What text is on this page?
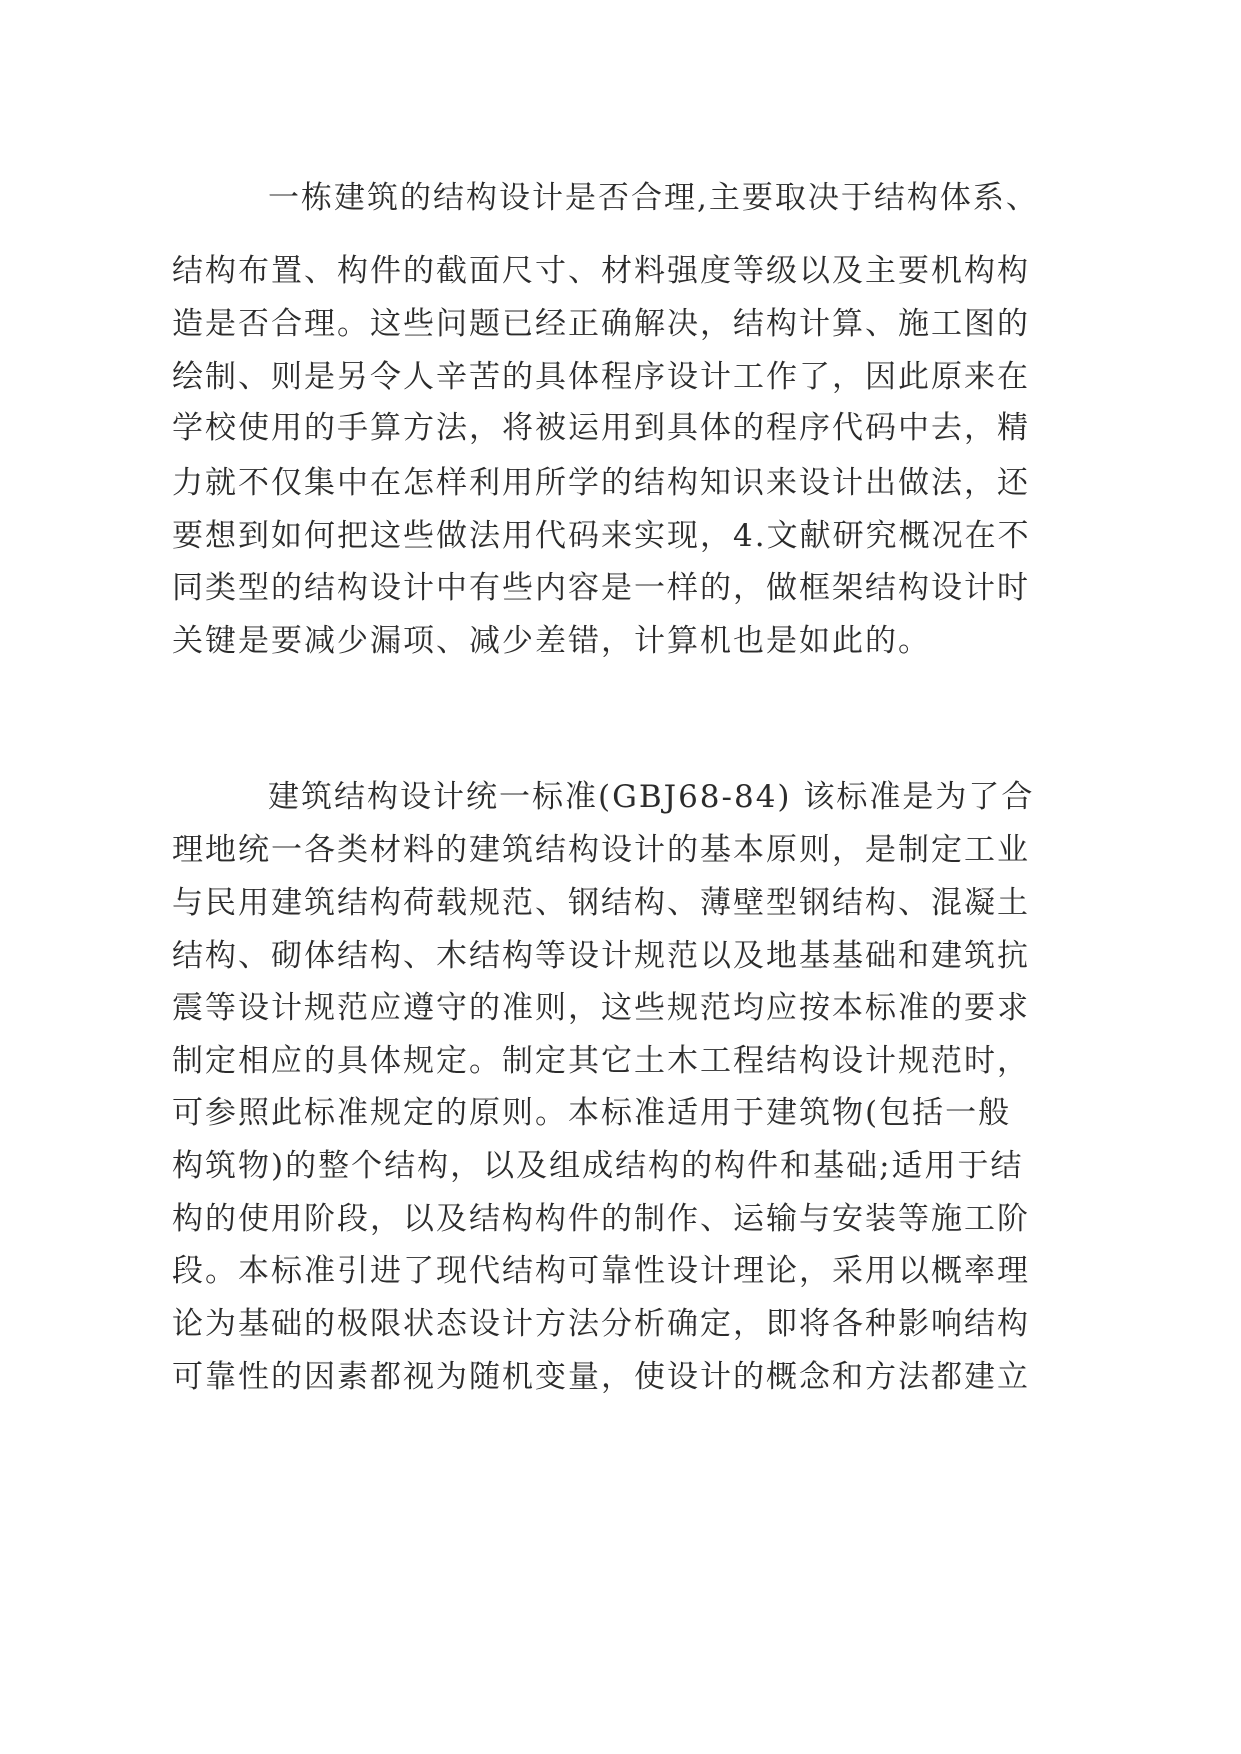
一栋建筑的结构设计是否合理,主要取决于结构体系、
结构布置、构件的截面尺寸、材料强度等级以及主要机构构
造是否合理。这些问题已经正确解决，结构计算、施工图的
绘制、则是另令人辛苦的具体程序设计工作了，因此原来在
学校使用的手算方法，将被运用到具体的程序代码中去，精
力就不仅集中在怎样利用所学的结构知识来设计出做法，还
要想到如何把这些做法用代码来实现，4.文献研究概况在不
同类型的结构设计中有些内容是一样的，做框架结构设计时
关键是要减少漏项、减少差错，计算机也是如此的。
建筑结构设计统一标准(GBJ68-84) 该标准是为了合
理地统一各类材料的建筑结构设计的基本原则，是制定工业
与民用建筑结构荷载规范、钢结构、薄壁型钢结构、混凝土
结构、砌体结构、木结构等设计规范以及地基基础和建筑抗
震等设计规范应遵守的准则，这些规范均应按本标准的要求
制定相应的具体规定。制定其它土木工程结构设计规范时，
可参照此标准规定的原则。本标准适用于建筑物(包括一般
构筑物)的整个结构，以及组成结构的构件和基础;适用于结
构的使用阶段，以及结构构件的制作、运输与安装等施工阶
段。本标准引进了现代结构可靠性设计理论，采用以概率理
论为基础的极限状态设计方法分析确定，即将各种影响结构
可靠性的因素都视为随机变量，使设计的概念和方法都建立
